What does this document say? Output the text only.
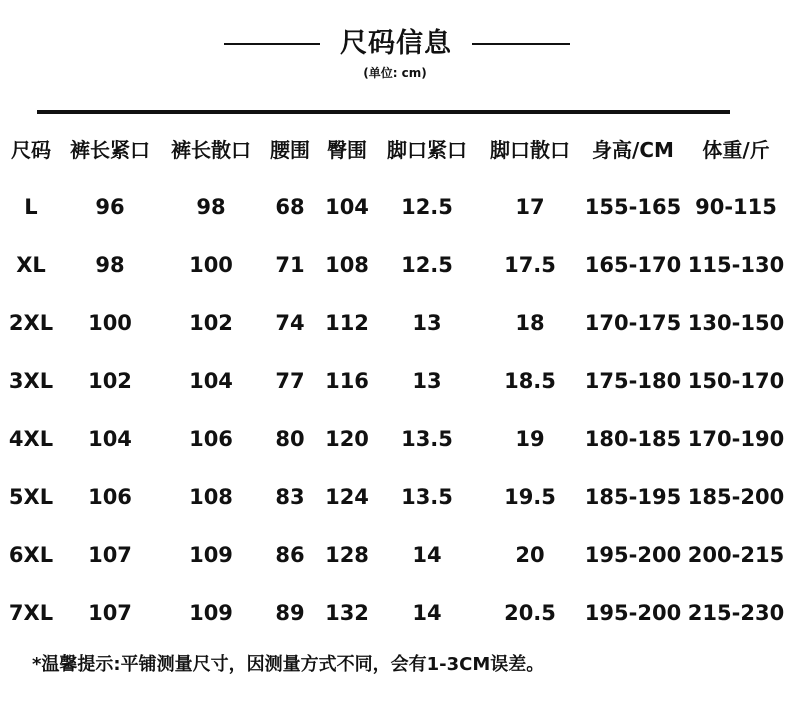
尺码信息
(单位: cm)
尺码 裤长紧口	裤长散口 腰围 臀围	脚口紧口	脚口散口	身高/CM	体重/斤
L	96	98	68 104	12.5	17	155-165 90-115
XL	98	100	71 108	12.5	17.5	165-170 115-130
2XL	100	102	74 112	13	18	170-175 130-150
3XL	102	104	77 116	13	18.5	175-180 150-170
4XL	104	106	80 120	13.5	19	180-185 170-190
5XL	106	108	83 124	13.5	19.5	185-195 185-200
6XL	107	109	86 128	14	20	195-200 200-215
7XL	107	109	89 132	14	20.5	195-200 215-230
*温馨提示:平铺测量尺寸，因测量方式不同，会有1-3CM误差。
